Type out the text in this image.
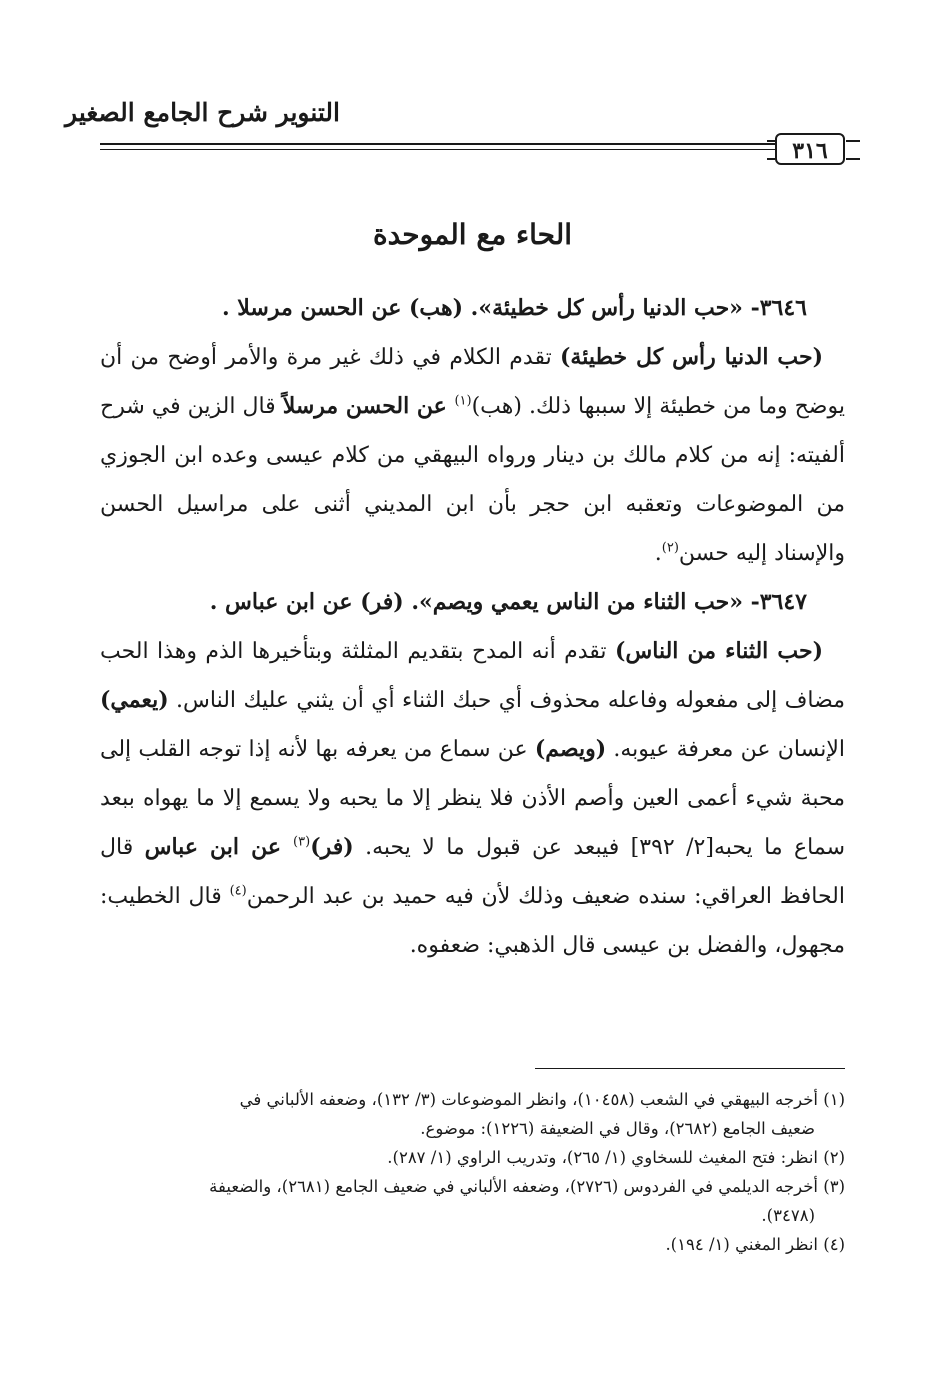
التنوير شرح الجامع الصغير
٣١٦
الحاء مع الموحدة

٣٦٤٦- «حب الدنيا رأس كل خطيئة». (هب) عن الحسن مرسلا .

(حب الدنيا رأس كل خطيئة) تقدم الكلام في ذلك غير مرة والأمر أوضح من أن يوضح وما من خطيئة إلا سببها ذلك. (هب)$^{(١)}$ عن الحسن مرسلاً قال الزين في شرح ألفيته: إنه من كلام مالك بن دينار ورواه البيهقي من كلام عيسى وعده ابن الجوزي من الموضوعات وتعقبه ابن حجر بأن ابن المديني أثنى على مراسيل الحسن والإسناد إليه حسن$^{(٢)}$.

٣٦٤٧- «حب الثناء من الناس يعمي ويصم». (فر) عن ابن عباس .

(حب الثناء من الناس) تقدم أنه المدح بتقديم المثلثة وبتأخيرها الذم وهذا الحب مضاف إلى مفعوله وفاعله محذوف أي حبك الثناء أي أن يثني عليك الناس. (يعمي) الإنسان عن معرفة عيوبه. (ويصم) عن سماع من يعرفه بها لأنه إذا توجه القلب إلى محبة شيء أعمى العين وأصم الأذن فلا ينظر إلا ما يحبه ولا يسمع إلا ما يهواه ببعد سماع ما يحبه[٢/ ٣٩٢] فيبعد عن قبول ما لا يحبه. (فر)$^{(٣)}$ عن ابن عباس قال الحافظ العراقي: سنده ضعيف وذلك لأن فيه حميد بن عبد الرحمن$^{(٤)}$ قال الخطيب: مجهول، والفضل بن عيسى قال الذهبي: ضعفوه.

(١) أخرجه البيهقي في الشعب (١٠٤٥٨)، وانظر الموضوعات (٣/ ١٣٢)، وضعفه الألباني في

ضعيف الجامع (٢٦٨٢)، وقال في الضعيفة (١٢٢٦): موضوع.

(٢) انظر: فتح المغيث للسخاوي (١/ ٢٦٥)، وتدريب الراوي (١/ ٢٨٧).

(٣) أخرجه الديلمي في الفردوس (٢٧٢٦)، وضعفه الألباني في ضعيف الجامع (٢٦٨١)، والضعيفة

(٣٤٧٨).

(٤) انظر المغني (١/ ١٩٤).
